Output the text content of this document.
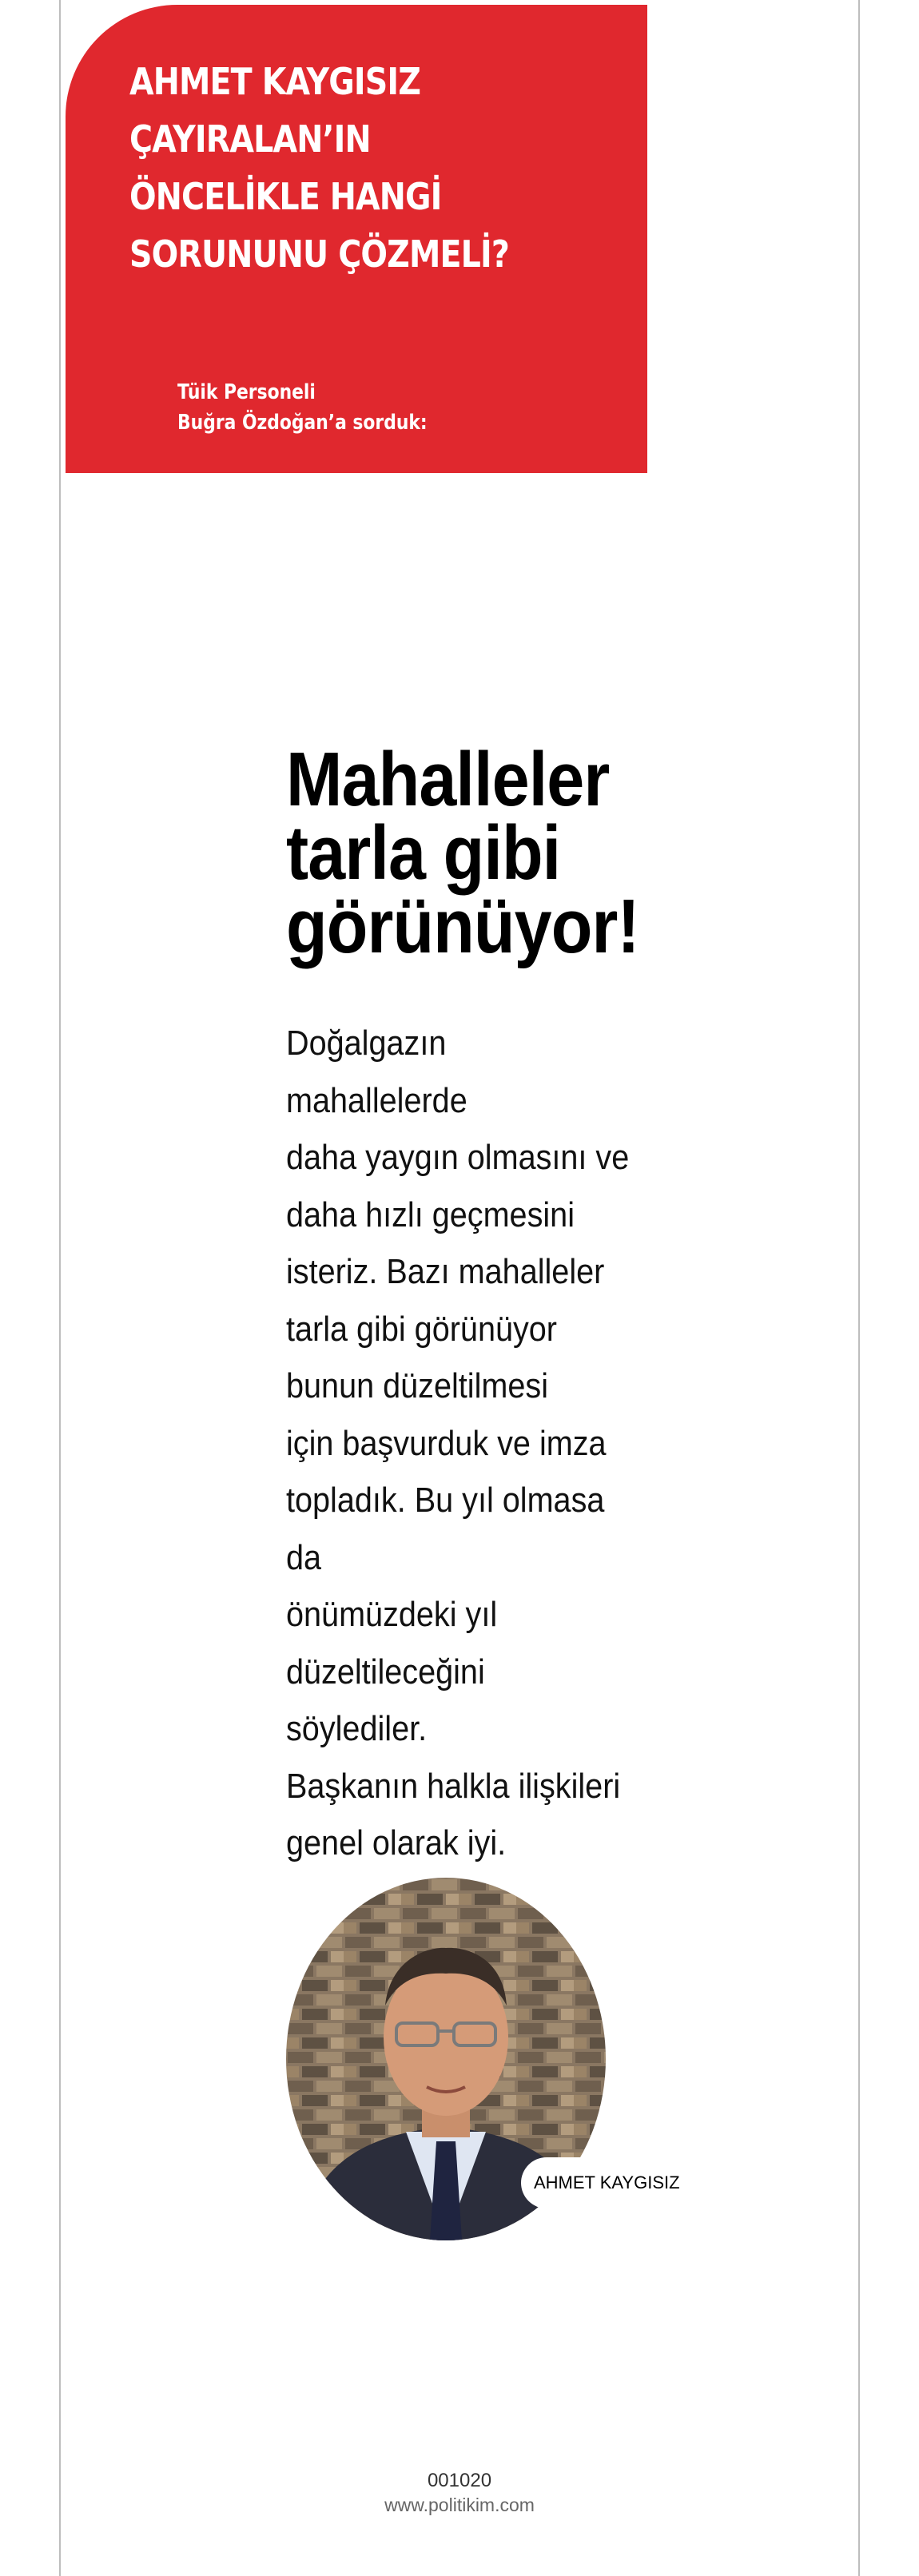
AHMET KAYGISIZ
ÇAYIRALAN’IN
ÖNCELİKLE HANGİ
SORUNUNU ÇÖZMELİ?
Tüik Personeli
Buğra Özdoğan’a sorduk:
Mahalleler
tarla gibi
görünüyor!
Doğalgazın
mahallelerde
daha yaygın olmasını ve
daha hızlı geçmesini
isteriz. Bazı mahalleler
tarla gibi görünüyor
bunun düzeltilmesi
için başvurduk ve imza
topladık. Bu yıl olmasa
da
önümüzdeki yıl
düzeltileceğini
söylediler.
Başkanın halkla ilişkileri
genel olarak iyi.
AHMET KAYGISIZ
001020
www.politikim.com
